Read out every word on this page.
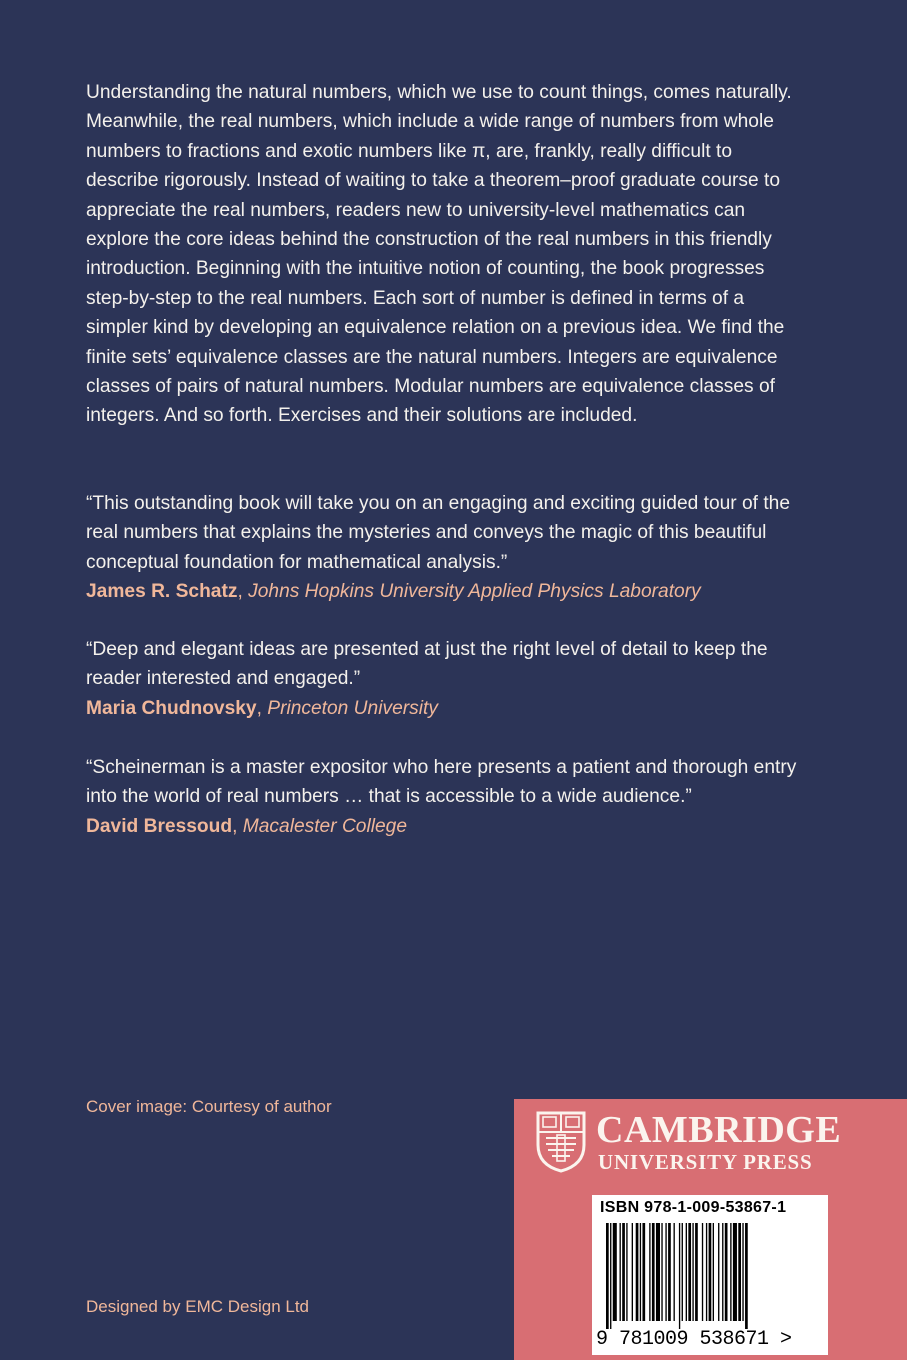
Understanding the natural numbers, which we use to count things, comes naturally. Meanwhile, the real numbers, which include a wide range of numbers from whole numbers to fractions and exotic numbers like π, are, frankly, really difficult to describe rigorously. Instead of waiting to take a theorem–proof graduate course to appreciate the real numbers, readers new to university-level mathematics can explore the core ideas behind the construction of the real numbers in this friendly introduction. Beginning with the intuitive notion of counting, the book progresses step-by-step to the real numbers. Each sort of number is defined in terms of a simpler kind by developing an equivalence relation on a previous idea. We find the finite sets’ equivalence classes are the natural numbers. Integers are equivalence classes of pairs of natural numbers. Modular numbers are equivalence classes of integers. And so forth. Exercises and their solutions are included.

“This outstanding book will take you on an engaging and exciting guided tour of the real numbers that explains the mysteries and conveys the magic of this beautiful conceptual foundation for mathematical analysis.”

James R. Schatz, Johns Hopkins University Applied Physics Laboratory

“Deep and elegant ideas are presented at just the right level of detail to keep the reader interested and engaged.”

Maria Chudnovsky, Princeton University

“Scheinerman is a master expositor who here presents a patient and thorough entry into the world of real numbers … that is accessible to a wide audience.”

David Bressoud, Macalester College

Cover image: Courtesy of author

Designed by EMC Design Ltd

CAMBRIDGE
UNIVERSITY PRESS
ISBN 978-1-009-53867-1
9 781009 538671 >
